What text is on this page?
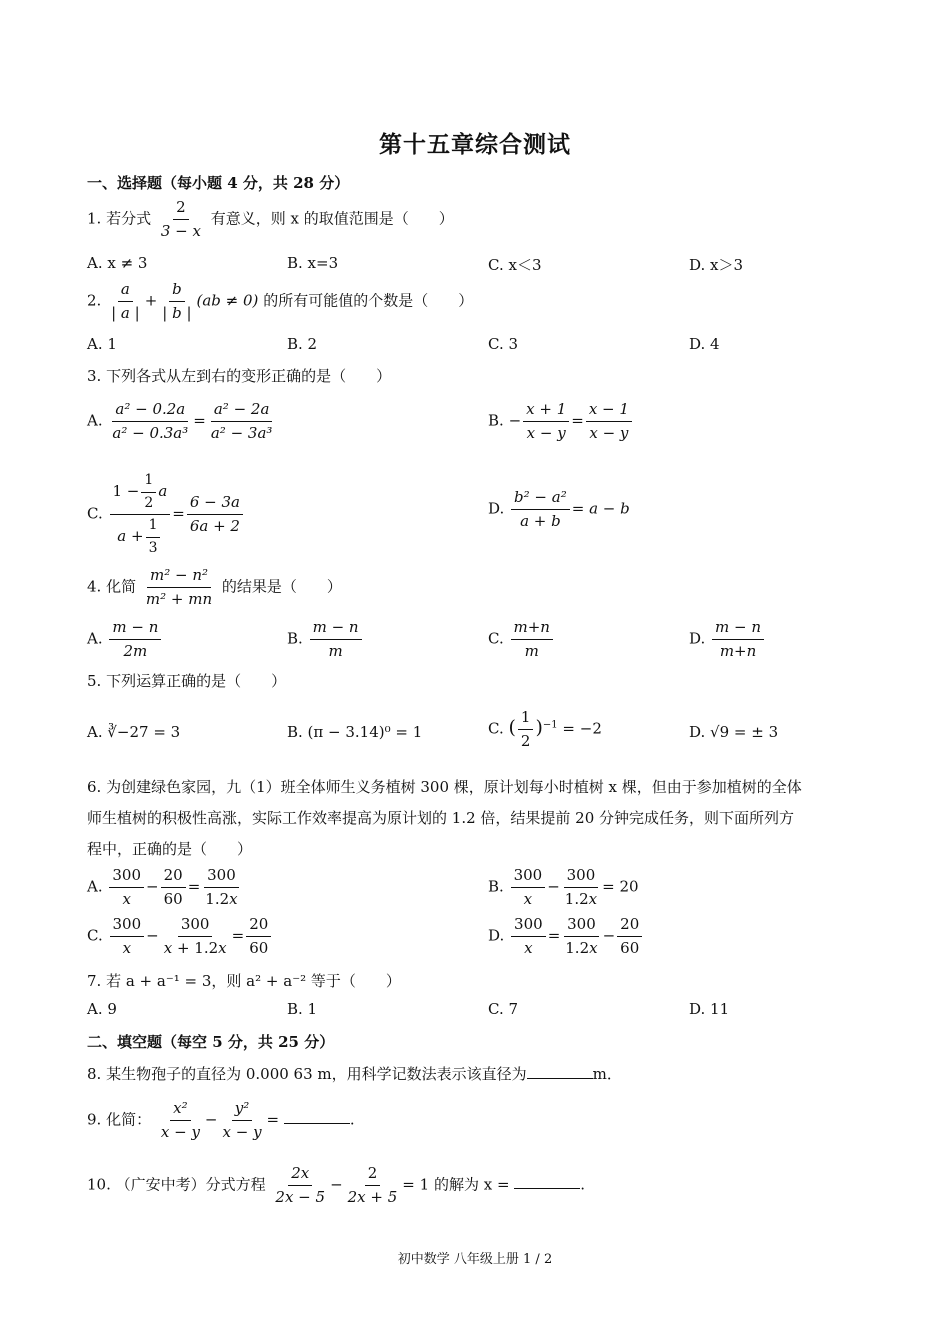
第十五章综合测试
一、选择题（每小题 4 分，共 28 分）
1. 若分式 $\frac{2}{3 - x}$ 有意义，则 x 的取值范围是（　　）
A. x ≠ 3	B. x=3	C. x＜3	D. x＞3
2. $\frac{a}{| a |} + \frac{b}{| b |} (ab \ne 0)$ 的所有可能值的个数是（　　）
A. 1	B. 2	C. 3	D. 4
3. 下列各式从左到右的变形正确的是（　　）
A. $\frac{\text{a² − 0.2a}}{\text{a² − 0.3a³}} = \frac{\text{a² − 2a}}{\text{a² − 3a³}}$	B. − $\frac{x + 1}{x - y} = \frac{x - 1}{x - y}$
C. $\frac{1 - \frac{1}{2} a}{a + \frac{1}{3}} = \frac{6 - 3a}{6a + 2}$	D. $\frac{\text{b² − a²}}{a + b} = a - b$
4. 化简 $\frac{\text{m² − n²}}{\text{m² + mn}}$ 的结果是（　　）
A. $\frac{m - n}{2m}$	B. $\frac{m - n}{m}$	C. $\frac{m+n}{m}$	D. $\frac{m - n}{m+n}$
5. 下列运算正确的是（　　）
A. ∛−27 = 3	B. (π − 3.14)⁰ = 1	C. ( $\frac{1}{2} )^{-1} = -2$	D. √9 = ± 3
6. 为创建绿色家园，九（1）班全体师生义务植树 300 棵，原计划每小时植树 x 棵，但由于参加植树的全体
师生植树的积极性高涨，实际工作效率提高为原计划的 1.2 倍，结果提前 20 分钟完成任务，则下面所列方
程中，正确的是（　　）
A. $\frac{300}{x} - \frac{20}{60} = \frac{300}{1.2x}$	B. $\frac{300}{x} - \frac{300}{1.2x} = 20$
C. $\frac{300}{x} - \frac{300}{x + 1.2x} = \frac{20}{60}$	D. $\frac{300}{x} = \frac{300}{1.2x} - \frac{20}{60}$
7. 若 a + a⁻¹ = 3，则 a² + a⁻² 等于（　　）
A. 9	B. 1	C. 7	D. 11
二、填空题（每空 5 分，共 25 分）
8. 某生物孢子的直径为 0.000 63 m，用科学记数法表示该直径为	m．
9. 化简： $\frac{\text{x²}}{x - y} - \frac{\text{y²}}{x - y}$ =	.
10. （广安中考）分式方程 $\frac{2x}{2x - 5} - \frac{2}{2x + 5} = 1$ 的解为 x =	.
初中数学 八年级上册 1 / 2
